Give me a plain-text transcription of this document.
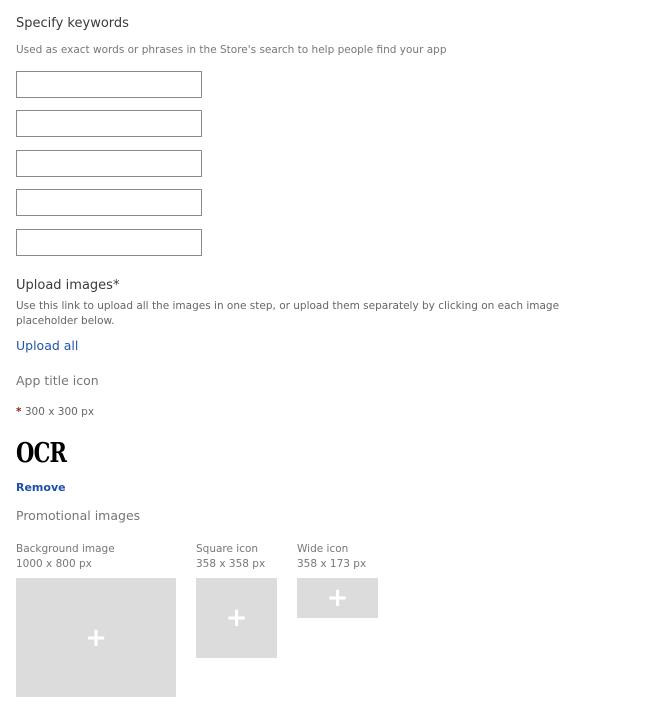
Specify keywords
Used as exact words or phrases in the Store's search to help people find your app
Upload images*
Use this link to upload all the images in one step, or upload them separately by clicking on each image placeholder below.
Upload all
App title icon
* 300 x 300 px
OCR
Remove
Promotional images
Background image
1000 x 800 px
+
Square icon
358 x 358 px
+
Wide icon
358 x 173 px
+
